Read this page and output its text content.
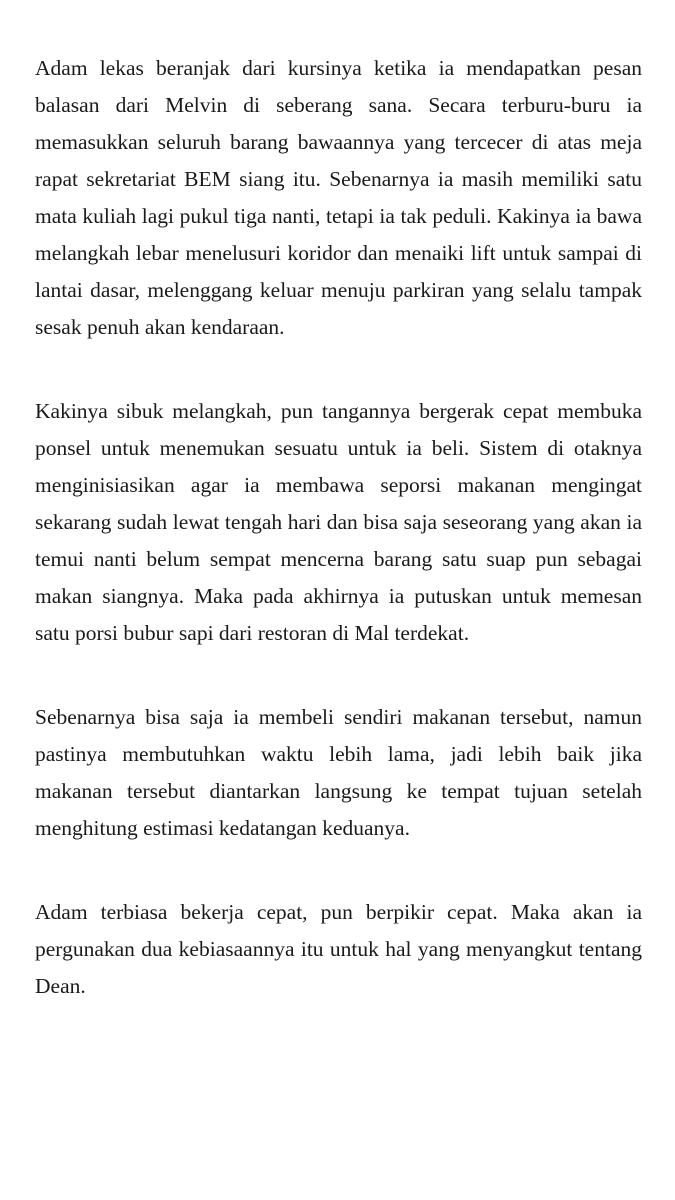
Adam lekas beranjak dari kursinya ketika ia mendapatkan pesan balasan dari Melvin di seberang sana. Secara terburu-buru ia memasukkan seluruh barang bawaannya yang tercecer di atas meja rapat sekretariat BEM siang itu. Sebenarnya ia masih memiliki satu mata kuliah lagi pukul tiga nanti, tetapi ia tak peduli. Kakinya ia bawa melangkah lebar menelusuri koridor dan menaiki lift untuk sampai di lantai dasar, melenggang keluar menuju parkiran yang selalu tampak sesak penuh akan kendaraan.

Kakinya sibuk melangkah, pun tangannya bergerak cepat membuka ponsel untuk menemukan sesuatu untuk ia beli. Sistem di otaknya menginisiasikan agar ia membawa seporsi makanan mengingat sekarang sudah lewat tengah hari dan bisa saja seseorang yang akan ia temui nanti belum sempat mencerna barang satu suap pun sebagai makan siangnya. Maka pada akhirnya ia putuskan untuk memesan satu porsi bubur sapi dari restoran di Mal terdekat.

Sebenarnya bisa saja ia membeli sendiri makanan tersebut, namun pastinya membutuhkan waktu lebih lama, jadi lebih baik jika makanan tersebut diantarkan langsung ke tempat tujuan setelah menghitung estimasi kedatangan keduanya.

Adam terbiasa bekerja cepat, pun berpikir cepat. Maka akan ia pergunakan dua kebiasaannya itu untuk hal yang menyangkut tentang Dean.
